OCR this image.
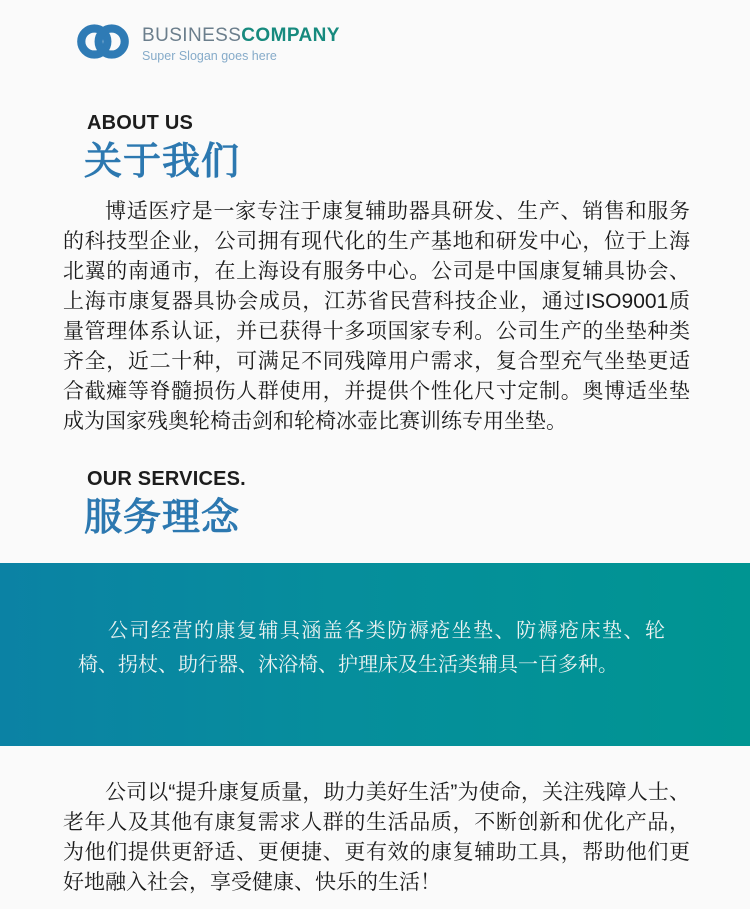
BUSINESSCOMPANY
Super Slogan goes here
ABOUT US
关于我们

博适医疗是一家专注于康复辅助器具研发、生产、销售和服务的科技型企业，公司拥有现代化的生产基地和研发中心，位于上海北翼的南通市，在上海设有服务中心。公司是中国康复辅具协会、上海市康复器具协会成员，江苏省民营科技企业，通过ISO9001质量管理体系认证，并已获得十多项国家专利。公司生产的坐垫种类齐全，近二十种，可满足不同残障用户需求，复合型充气坐垫更适合截瘫等脊髓损伤人群使用，并提供个性化尺寸定制。奥博适坐垫成为国家残奥轮椅击剑和轮椅冰壶比赛训练专用坐垫。

OUR SERVICES.
服务理念

公司经营的康复辅具涵盖各类防褥疮坐垫、防褥疮床垫、轮椅、拐杖、助行器、沐浴椅、护理床及生活类辅具一百多种。

公司以“提升康复质量，助力美好生活”为使命，关注残障人士、老年人及其他有康复需求人群的生活品质，不断创新和优化产品，为他们提供更舒适、更便捷、更有效的康复辅助工具，帮助他们更好地融入社会，享受健康、快乐的生活！
